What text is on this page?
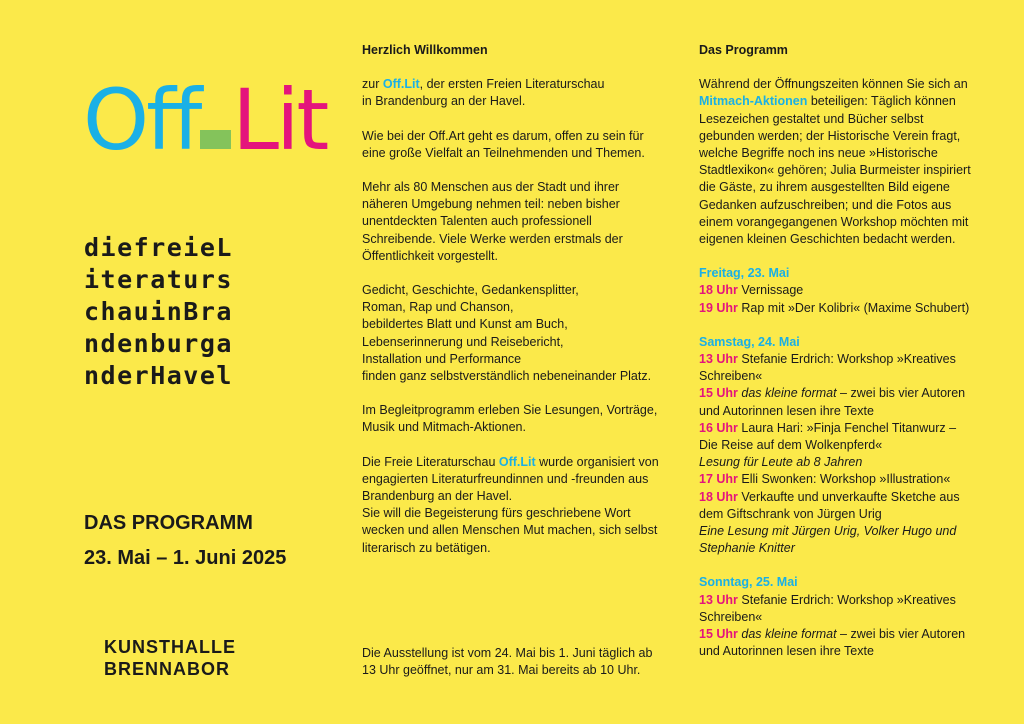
Off Lit
diefreieL
iteraturs
chauinBra
ndenburga
nderHavel
DAS PROGRAMM
23. Mai – 1. Juni 2025
KUNSTHALLE
BRENNABOR
Herzlich Willkommen

zur Off.Lit, der ersten Freien Literaturschau
in Brandenburg an der Havel.

Wie bei der Off.Art geht es darum, offen zu sein für eine große Vielfalt an Teilnehmenden und Themen.

Mehr als 80 Menschen aus der Stadt und ihrer näheren Umgebung nehmen teil: neben bisher unentdeckten Talenten auch professionell Schreibende. Viele Werke werden erstmals der Öffentlichkeit vorgestellt.

Gedicht, Geschichte, Gedankensplitter,
Roman, Rap und Chanson,
bebildertes Blatt und Kunst am Buch,
Lebenserinnerung und Reisebericht,
Installation und Performance
finden ganz selbstverständlich nebeneinander Platz.

Im Begleitprogramm erleben Sie Lesungen, Vorträge, Musik und Mitmach-Aktionen.

Die Freie Literaturschau Off.Lit wurde organisiert von engagierten Literaturfreundinnen und -freunden aus Brandenburg an der Havel.
Sie will die Begeisterung fürs geschriebene Wort wecken und allen Menschen Mut machen, sich selbst literarisch zu betätigen.

Die Ausstellung ist vom 24. Mai bis 1. Juni täglich ab 13 Uhr geöffnet, nur am 31. Mai bereits ab 10 Uhr.
Das Programm

Während der Öffnungszeiten können Sie sich an Mitmach-Aktionen beteiligen: Täglich können Lesezeichen gestaltet und Bücher selbst gebunden werden; der Historische Verein fragt, welche Begriffe noch ins neue »Historische Stadtlexikon« gehören; Julia Burmeister inspiriert die Gäste, zu ihrem ausgestellten Bild eigene Gedanken aufzuschreiben; und die Fotos aus einem vorangegangenen Workshop möchten mit eigenen kleinen Geschichten bedacht werden.

Freitag, 23. Mai
18 Uhr Vernissage
19 Uhr Rap mit »Der Kolibri« (Maxime Schubert)

Samstag, 24. Mai
13 Uhr Stefanie Erdrich: Workshop »Kreatives Schreiben«
15 Uhr das kleine format – zwei bis vier Autoren und Autorinnen lesen ihre Texte
16 Uhr Laura Hari: »Finja Fenchel Titanwurz – Die Reise auf dem Wolkenpferd«
Lesung für Leute ab 8 Jahren
17 Uhr Elli Swonken: Workshop »Illustration«
18 Uhr Verkaufte und unverkaufte Sketche aus dem Giftschrank von Jürgen Urig
Eine Lesung mit Jürgen Urig, Volker Hugo und Stephanie Knitter

Sonntag, 25. Mai
13 Uhr Stefanie Erdrich: Workshop »Kreatives Schreiben«
15 Uhr das kleine format – zwei bis vier Autoren und Autorinnen lesen ihre Texte
